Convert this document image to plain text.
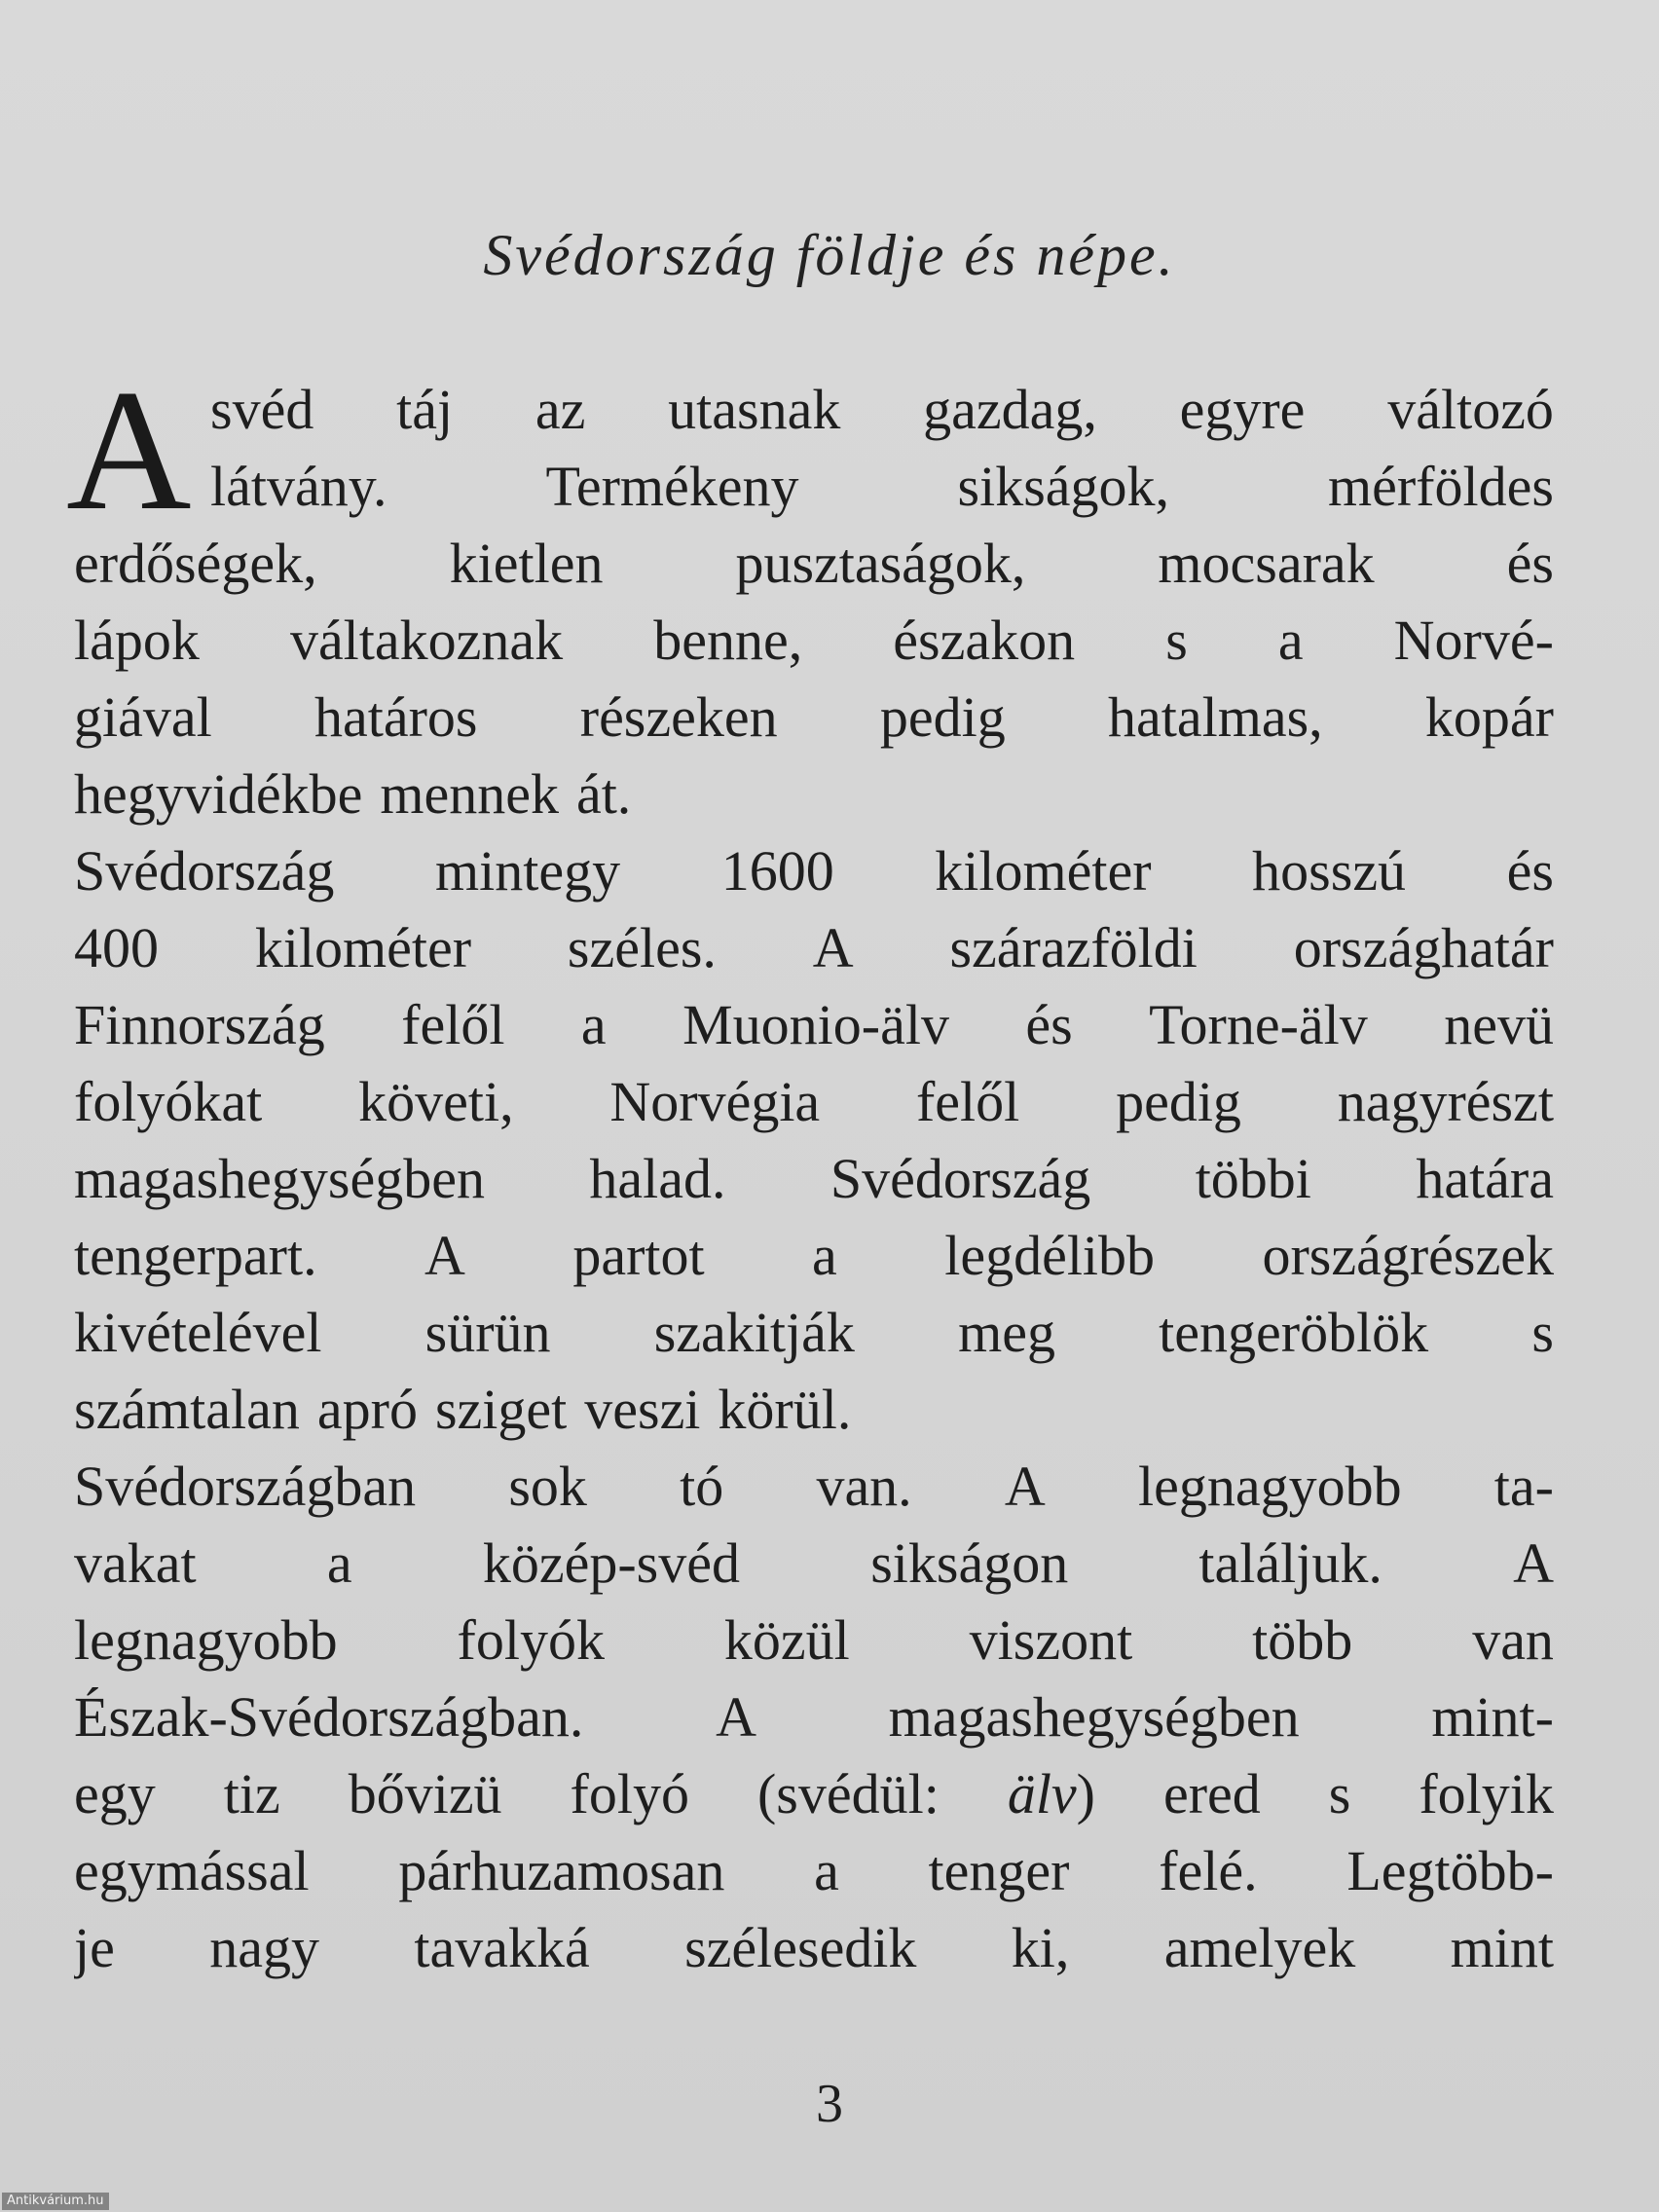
Svédország földje és népe.
A svéd táj az utasnak gazdag, egyre változó
látvány.	Termékeny	sikságok,	mérföldes
erdőségek, kietlen pusztaságok, mocsarak és
lápok váltakoznak benne, északon s a Norvé-
giával határos részeken pedig hatalmas, kopár
hegyvidékbe mennek át.
Svédország mintegy 1600 kilométer hosszú és
400 kilométer széles. A szárazföldi országhatár
Finnország felől a Muonio-älv és Torne-älv nevü
folyókat követi, Norvégia felől pedig nagyrészt
magashegységben halad. Svédország többi határa
tengerpart. A partot a legdélibb országrészek
kivételével sürün szakitják meg tengeröblök s
számtalan apró sziget veszi körül.
Svédországban sok tó van. A legnagyobb ta-
vakat a közép-svéd sikságon találjuk. A
legnagyobb folyók közül viszont több van
Észak-Svédországban. A magashegységben mint-
egy tiz bővizü folyó (svédül: älv) ered s folyik
egymással párhuzamosan a tenger felé. Legtöbb-
je nagy tavakká szélesedik ki, amelyek mint
3
Antikvárium.hu
